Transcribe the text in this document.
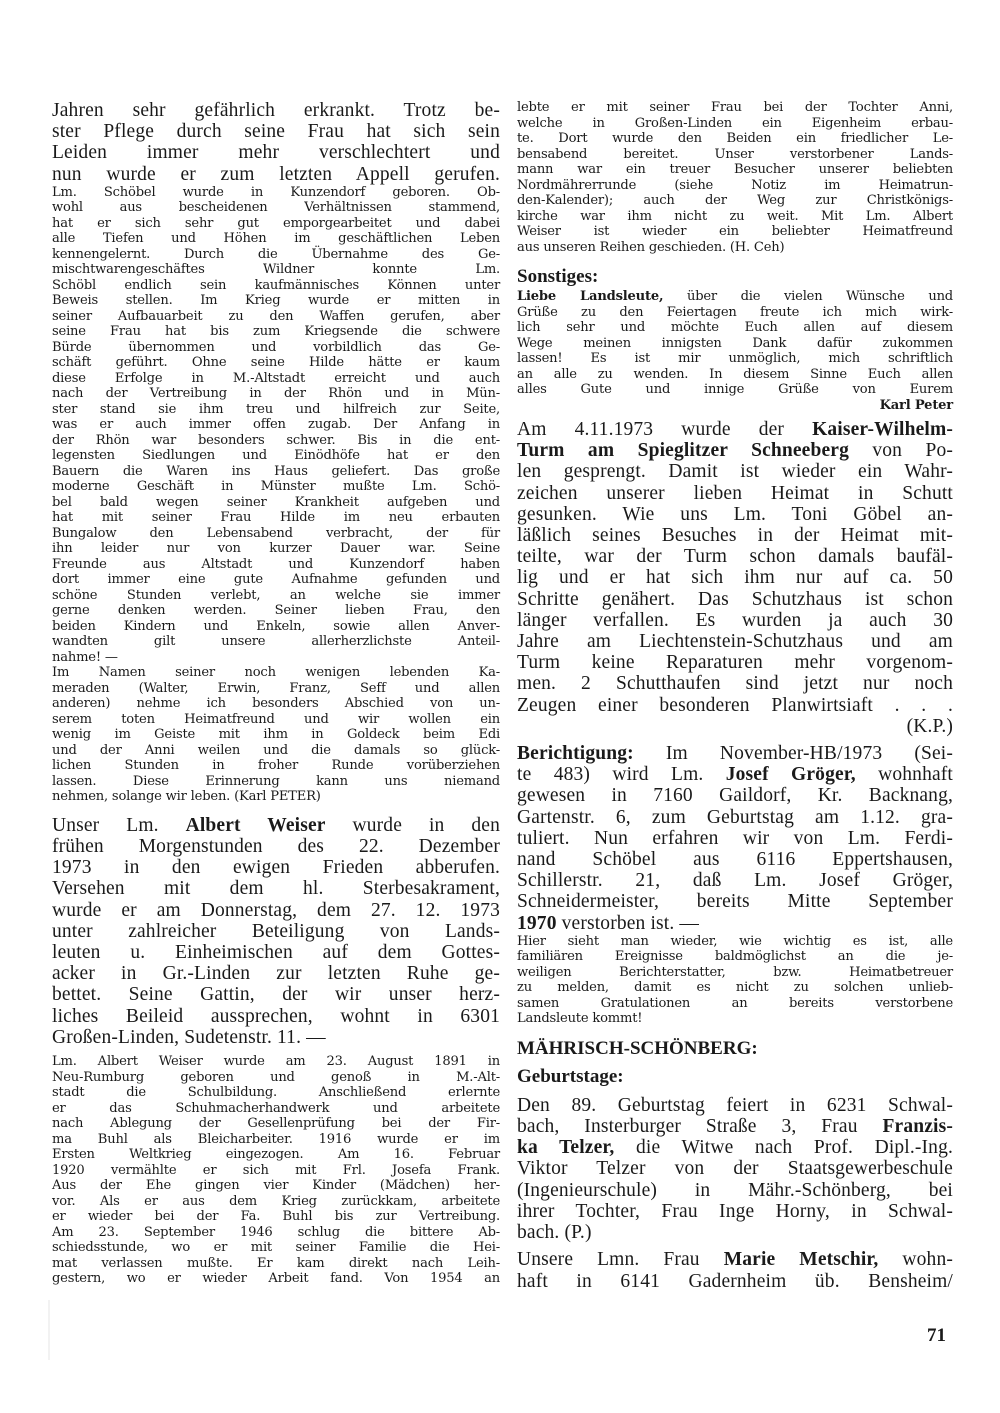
Jahren sehr gefährlich erkrankt. Trotz be-
ster Pflege durch seine Frau hat sich sein
Leiden immer mehr verschlechtert und
nun wurde er zum letzten Appell gerufen.
Lm. Schöbel wurde in Kunzendorf geboren. Ob-
wohl aus bescheidenen Verhältnissen stammend,
hat er sich sehr gut emporgearbeitet und dabei
alle Tiefen und Höhen im geschäftlichen Leben
kennengelernt. Durch die Übernahme des Ge-
mischtwarengeschäftes Wildner konnte Lm.
Schöbl endlich sein kaufmännisches Können unter
Beweis stellen. Im Krieg wurde er mitten in
seiner Aufbauarbeit zu den Waffen gerufen, aber
seine Frau hat bis zum Kriegsende die schwere
Bürde übernommen und vorbildlich das Ge-
schäft geführt. Ohne seine Hilde hätte er kaum
diese Erfolge in M.-Altstadt erreicht und auch
nach der Vertreibung in der Rhön und in Mün-
ster stand sie ihm treu und hilfreich zur Seite,
was er auch immer offen zugab. Der Anfang in
der Rhön war besonders schwer. Bis in die ent-
legensten Siedlungen und Einödhöfe hat er den
Bauern die Waren ins Haus geliefert. Das große
moderne Geschäft in Münster mußte Lm. Schö-
bel bald wegen seiner Krankheit aufgeben und
hat mit seiner Frau Hilde im neu erbauten
Bungalow den Lebensabend verbracht, der für
ihn leider nur von kurzer Dauer war. Seine
Freunde aus Altstadt und Kunzendorf haben
dort immer eine gute Aufnahme gefunden und
schöne Stunden verlebt, an welche sie immer
gerne denken werden. Seiner lieben Frau, den
beiden Kindern und Enkeln, sowie allen Anver-
wandten gilt unsere allerherzlichste Anteil-
nahme! —
Im Namen seiner noch wenigen lebenden Ka-
meraden (Walter, Erwin, Franz, Seff und allen
anderen) nehme ich besonders Abschied von un-
serem toten Heimatfreund und wir wollen ein
wenig im Geiste mit ihm in Goldeck beim Edi
und der Anni weilen und die damals so glück-
lichen Stunden in froher Runde vorüberziehen
lassen. Diese Erinnerung kann uns niemand
nehmen, solange wir leben. (Karl PETER)
Unser Lm. Albert Weiser wurde in den
frühen Morgenstunden des 22. Dezember
1973 in den ewigen Frieden abberufen.
Versehen mit dem hl. Sterbesakrament,
wurde er am Donnerstag, dem 27. 12. 1973
unter zahlreicher Beteiligung von Lands-
leuten u. Einheimischen auf dem Gottes-
acker in Gr.-Linden zur letzten Ruhe ge-
bettet. Seine Gattin, der wir unser herz-
liches Beileid aussprechen, wohnt in 6301
Großen-Linden, Sudetenstr. 11. —
Lm. Albert Weiser wurde am 23. August 1891 in
Neu-Rumburg geboren und genoß in M.-Alt-
stadt die Schulbildung. Anschließend erlernte
er das Schuhmacherhandwerk und arbeitete
nach Ablegung der Gesellenprüfung bei der Fir-
ma Buhl als Bleicharbeiter. 1916 wurde er im
Ersten Weltkrieg eingezogen. Am 16. Februar
1920 vermählte er sich mit Frl. Josefa Frank.
Aus der Ehe gingen vier Kinder (Mädchen) her-
vor. Als er aus dem Krieg zurückkam, arbeitete
er wieder bei der Fa. Buhl bis zur Vertreibung.
Am 23. September 1946 schlug die bittere Ab-
schiedsstunde, wo er mit seiner Familie die Hei-
mat verlassen mußte. Er kam direkt nach Leih-
gestern, wo er wieder Arbeit fand. Von 1954 an
lebte er mit seiner Frau bei der Tochter Anni,
welche in Großen-Linden ein Eigenheim erbau-
te. Dort wurde den Beiden ein friedlicher Le-
bensabend bereitet. Unser verstorbener Lands-
mann war ein treuer Besucher unserer beliebten
Nordmährerrunde (siehe Notiz im Heimatrun-
den-Kalender); auch der Weg zur Christkönigs-
kirche war ihm nicht zu weit. Mit Lm. Albert
Weiser ist wieder ein beliebter Heimatfreund
aus unseren Reihen geschieden. (H. Ceh)
Sonstiges:
Liebe Landsleute, über die vielen Wünsche und
Grüße zu den Feiertagen freute ich mich wirk-
lich sehr und möchte Euch allen auf diesem
Wege meinen innigsten Dank dafür zukommen
lassen! Es ist mir unmöglich, mich schriftlich
an alle zu wenden. In diesem Sinne Euch allen
alles Gute und innige Grüße von Eurem
Karl Peter
Am 4.11.1973 wurde der Kaiser-Wilhelm-
Turm am Spieglitzer Schneeberg von Po-
len gesprengt. Damit ist wieder ein Wahr-
zeichen unserer lieben Heimat in Schutt
gesunken. Wie uns Lm. Toni Göbel an-
läßlich seines Besuches in der Heimat mit-
teilte, war der Turm schon damals baufäl-
lig und er hat sich ihm nur auf ca. 50
Schritte genähert. Das Schutzhaus ist schon
länger verfallen. Es wurden ja auch 30
Jahre am Liechtenstein-Schutzhaus und am
Turm keine Reparaturen mehr vorgenom-
men. 2 Schutthaufen sind jetzt nur noch
Zeugen einer besonderen Planwirtsiaft . . .
(K.P.)
Berichtigung: Im November-HB/1973 (Sei-
te 483) wird Lm. Josef Gröger, wohnhaft
gewesen in 7160 Gaildorf, Kr. Backnang,
Gartenstr. 6, zum Geburtstag am 1.12. gra-
tuliert. Nun erfahren wir von Lm. Ferdi-
nand Schöbel aus 6116 Eppertshausen,
Schillerstr. 21, daß Lm. Josef Gröger,
Schneidermeister, bereits Mitte September
1970 verstorben ist. —
Hier sieht man wieder, wie wichtig es ist, alle
familiären Ereignisse baldmöglichst an die je-
weiligen Berichterstatter, bzw. Heimatbetreuer
zu melden, damit es nicht zu solchen unlieb-
samen Gratulationen an bereits verstorbene
Landsleute kommt!
MÄHRISCH-SCHÖNBERG:
Geburtstage:
Den 89. Geburtstag feiert in 6231 Schwal-
bach, Insterburger Straße 3, Frau Franzis-
ka Telzer, die Witwe nach Prof. Dipl.-Ing.
Viktor Telzer von der Staatsgewerbeschule
(Ingenieurschule) in Mähr.-Schönberg, bei
ihrer Tochter, Frau Inge Horny, in Schwal-
bach. (P.)
Unsere Lmn. Frau Marie Metschir, wohn-
haft in 6141 Gadernheim üb. Bensheim/
71
